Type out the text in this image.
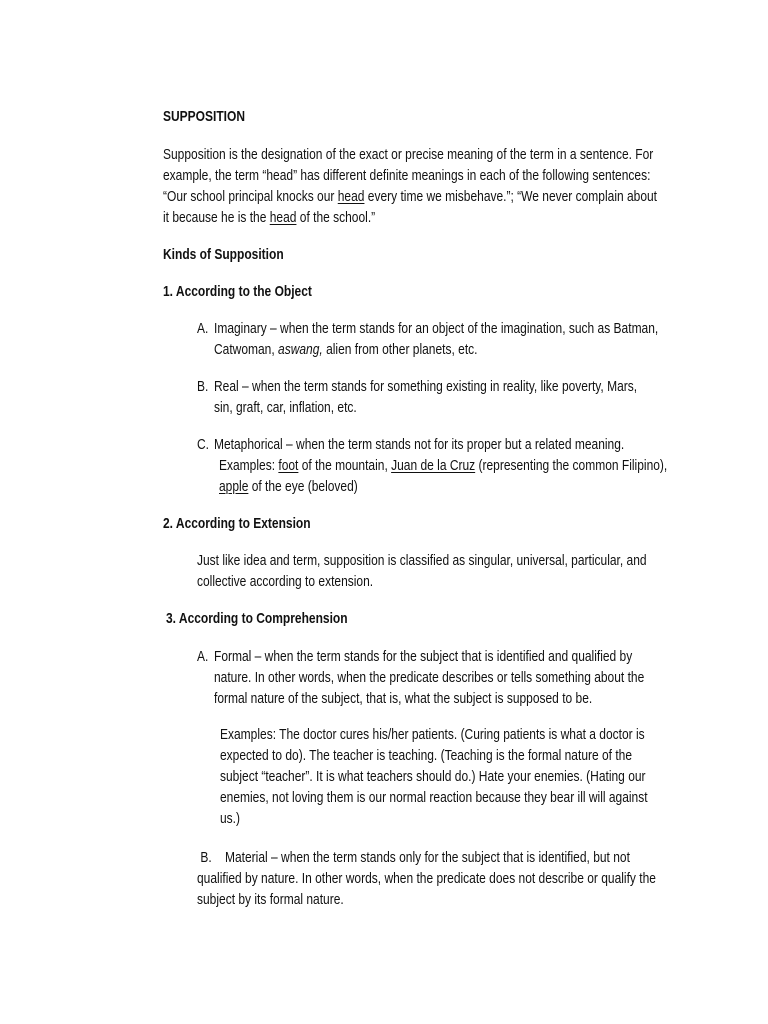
SUPPOSITION
Supposition is the designation of the exact or precise meaning of the term in a sentence. For
example, the term “head” has different definite meanings in each of the following sentences:
“Our school principal knocks our head every time we misbehave.”; “We never complain about
it because he is the head of the school.”
Kinds of Supposition
1. According to the Object
A. Imaginary – when the term stands for an object of the imagination, such as Batman,
Catwoman, aswang, alien from other planets, etc.
B. Real – when the term stands for something existing in reality, like poverty, Mars,
sin, graft, car, inflation, etc.
C. Metaphorical – when the term stands not for its proper but a related meaning.
Examples: foot of the mountain, Juan de la Cruz (representing the common Filipino),
apple of the eye (beloved)
2. According to Extension
Just like idea and term, supposition is classified as singular, universal, particular, and
collective according to extension.
3. According to Comprehension
A. Formal – when the term stands for the subject that is identified and qualified by
nature. In other words, when the predicate describes or tells something about the
formal nature of the subject, that is, what the subject is supposed to be.
Examples: The doctor cures his/her patients. (Curing patients is what a doctor is
expected to do). The teacher is teaching. (Teaching is the formal nature of the
subject “teacher”. It is what teachers should do.) Hate your enemies. (Hating our
enemies, not loving them is our normal reaction because they bear ill will against
us.)
B.    Material – when the term stands only for the subject that is identified, but not
qualified by nature. In other words, when the predicate does not describe or qualify the
subject by its formal nature.
